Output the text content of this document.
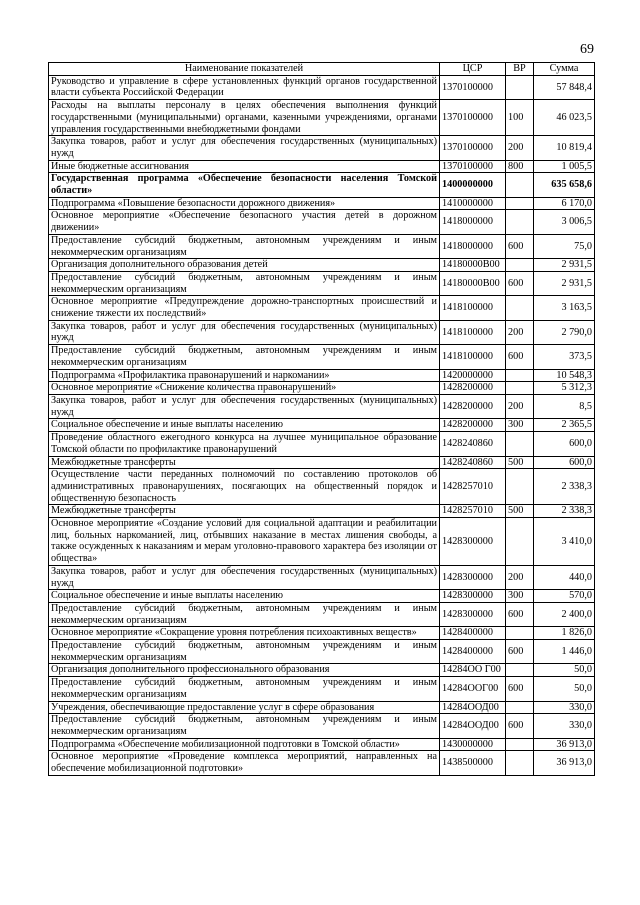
69
Наименование показателей	ЦСР	ВР	Сумма
Руководство и управление в сфере установленных функций органов государственной власти субъекта Российской Федерации	1370100000		57 848,4
Расходы на выплаты персоналу в целях обеспечения выполнения функций государственными (муниципальными) органами, казенными учреждениями, органами управления государственными внебюджетными фондами	1370100000	100	46 023,5
Закупка товаров, работ и услуг для обеспечения государственных (муниципальных) нужд	1370100000	200	10 819,4
Иные бюджетные ассигнования	1370100000	800	1 005,5
Государственная программа «Обеспечение безопасности населения Томской области»	1400000000		635 658,6
Подпрограмма «Повышение безопасности дорожного движения»	1410000000		6 170,0
Основное мероприятие «Обеспечение безопасного участия детей в дорожном движении»	1418000000		3 006,5
Предоставление субсидий бюджетным, автономным учреждениям и иным некоммерческим организациям	1418000000	600	75,0
Организация дополнительного образования детей	14180000В00		2 931,5
Предоставление субсидий бюджетным, автономным учреждениям и иным некоммерческим организациям	14180000В00	600	2 931,5
Основное мероприятие «Предупреждение дорожно-транспортных происшествий и снижение тяжести их последствий»	1418100000		3 163,5
Закупка товаров, работ и услуг для обеспечения государственных (муниципальных) нужд	1418100000	200	2 790,0
Предоставление субсидий бюджетным, автономным учреждениям и иным некоммерческим организациям	1418100000	600	373,5
Подпрограмма «Профилактика правонарушений и наркомании»	1420000000		10 548,3
Основное мероприятие «Снижение количества правонарушений»	1428200000		5 312,3
Закупка товаров, работ и услуг для обеспечения государственных (муниципальных) нужд	1428200000	200	8,5
Социальное обеспечение и иные выплаты населению	1428200000	300	2 365,5
Проведение областного ежегодного конкурса на лучшее муниципальное образование Томской области по профилактике правонарушений	1428240860		600,0
Межбюджетные трансферты	1428240860	500	600,0
Осуществление части переданных полномочий по составлению протоколов об административных правонарушениях, посягающих на общественный порядок и общественную безопасность	1428257010		2 338,3
Межбюджетные трансферты	1428257010	500	2 338,3
Основное мероприятие «Создание условий для социальной адаптации и реабилитации лиц, больных наркоманией, лиц, отбывших наказание в местах лишения свободы, а также осужденных к наказаниям и мерам уголовно-правового характера без изоляции от общества»	1428300000		3 410,0
Закупка товаров, работ и услуг для обеспечения государственных (муниципальных) нужд	1428300000	200	440,0
Социальное обеспечение и иные выплаты населению	1428300000	300	570,0
Предоставление субсидий бюджетным, автономным учреждениям и иным некоммерческим организациям	1428300000	600	2 400,0
Основное мероприятие «Сокращение уровня потребления психоактивных веществ»	1428400000		1 826,0
Предоставление субсидий бюджетным, автономным учреждениям и иным некоммерческим организациям	1428400000	600	1 446,0
Организация дополнительного профессионального образования	14284ОО Г00		50,0
Предоставление субсидий бюджетным, автономным учреждениям и иным некоммерческим организациям	14284ООГ00	600	50,0
Учреждения, обеспечивающие предоставление услуг в сфере образования	14284ООД00		330,0
Предоставление субсидий бюджетным, автономным учреждениям и иным некоммерческим организациям	14284ООД00	600	330,0
Подпрограмма «Обеспечение мобилизационной подготовки в Томской области»	1430000000		36 913,0
Основное мероприятие «Проведение комплекса мероприятий, направленных на обеспечение мобилизационной подготовки»	1438500000		36 913,0
